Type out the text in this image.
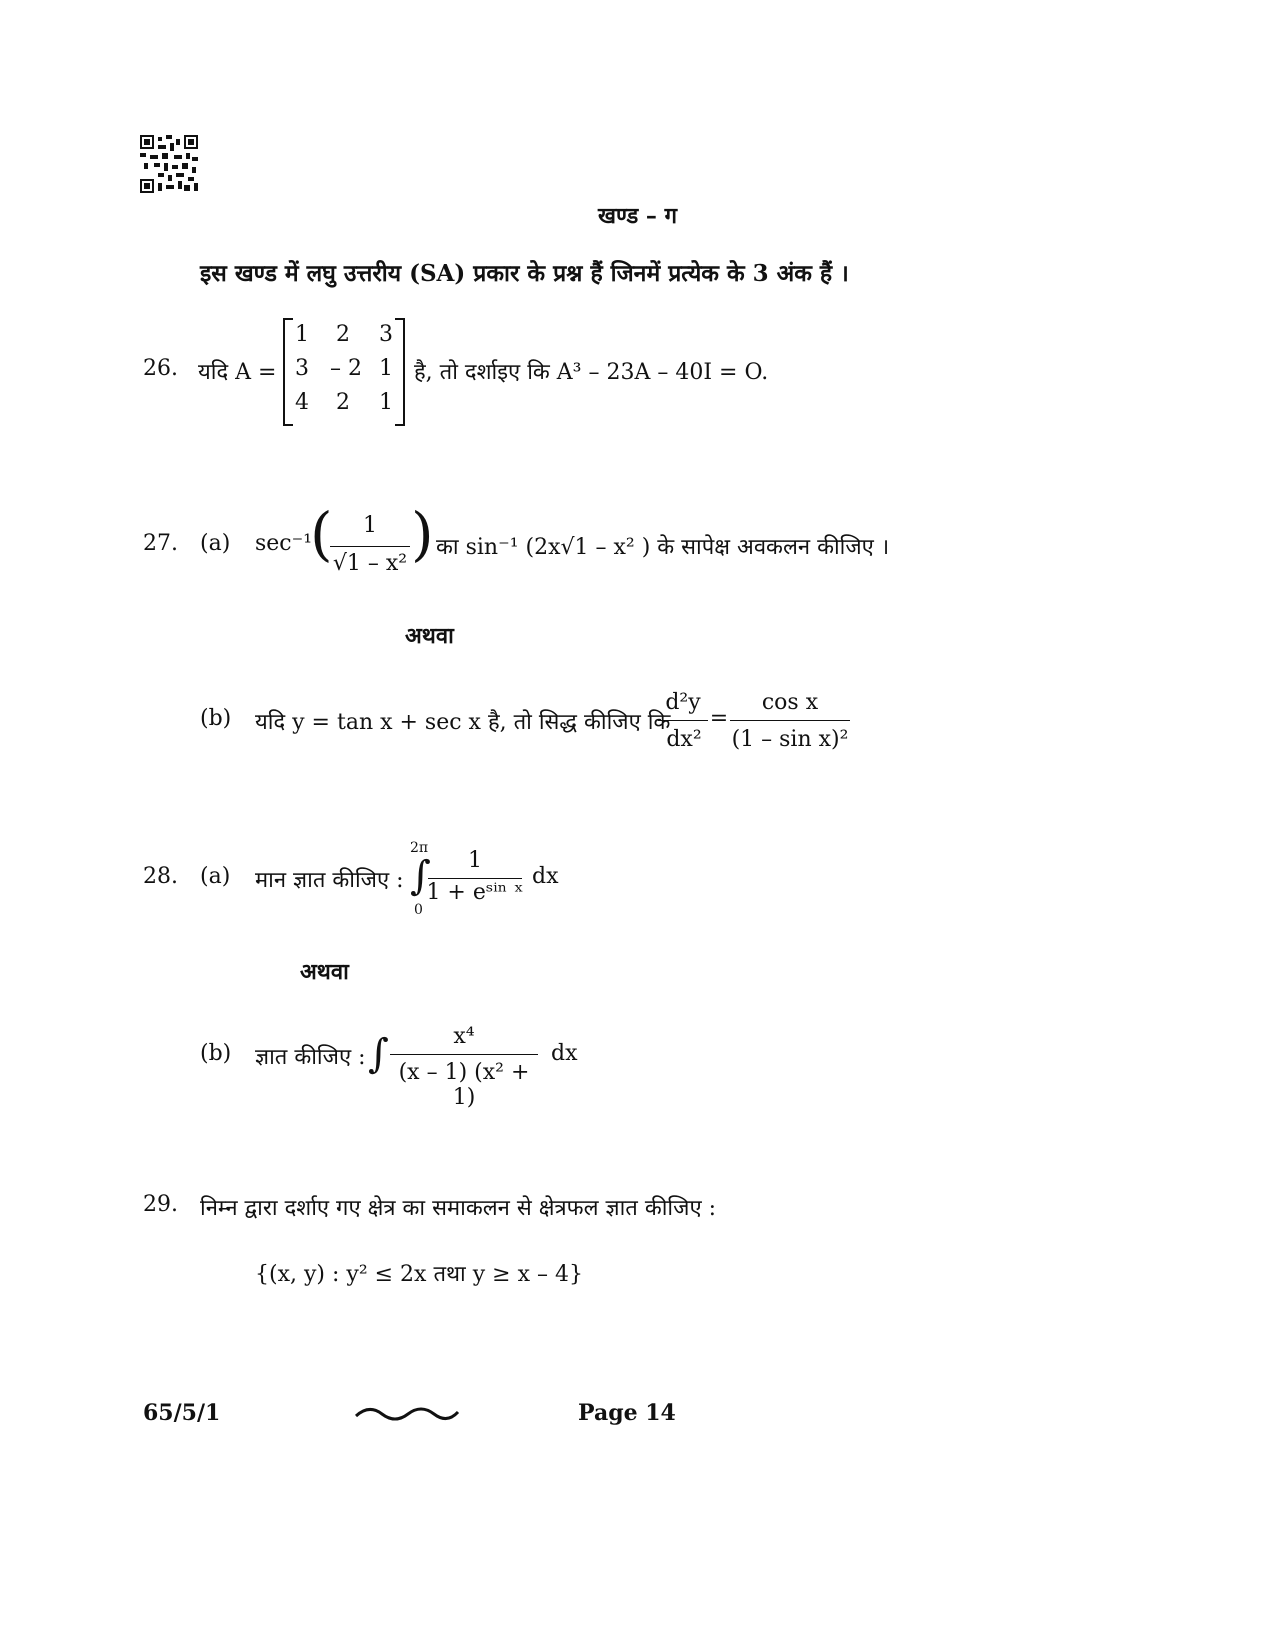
खण्ड – ग
इस खण्ड में लघु उत्तरीय (SA) प्रकार के प्रश्न हैं जिनमें प्रत्येक के 3 अंक हैं ।
26. यदि A =
1	2	3
3 – 2 1
4	2	1
है, तो दर्शाइए कि A³ – 23A – 40I = O.
27. (a) sec⁻¹
(	1
√1 – x² ) का sin⁻¹ (2x√1 – x² ) के सापेक्ष अवकलन कीजिए ।
अथवा
(b) यदि y = tan x + sec x है, तो सिद्ध कीजिए कि
d²y
dx²
=
cos x
(1 – sin x)²
28. (a) मान ज्ञात कीजिए :
2π
∫
0
1
1 + eˢⁱⁿ ˣ
dx
अथवा
(b) ज्ञात कीजिए : ∫	x⁴
(x – 1) (x² + 1)
dx
29. निम्न द्वारा दर्शाए गए क्षेत्र का समाकलन से क्षेत्रफल ज्ञात कीजिए :
{(x, y) : y² ≤ 2x तथा y ≥ x – 4}
65/5/1	Page 14
